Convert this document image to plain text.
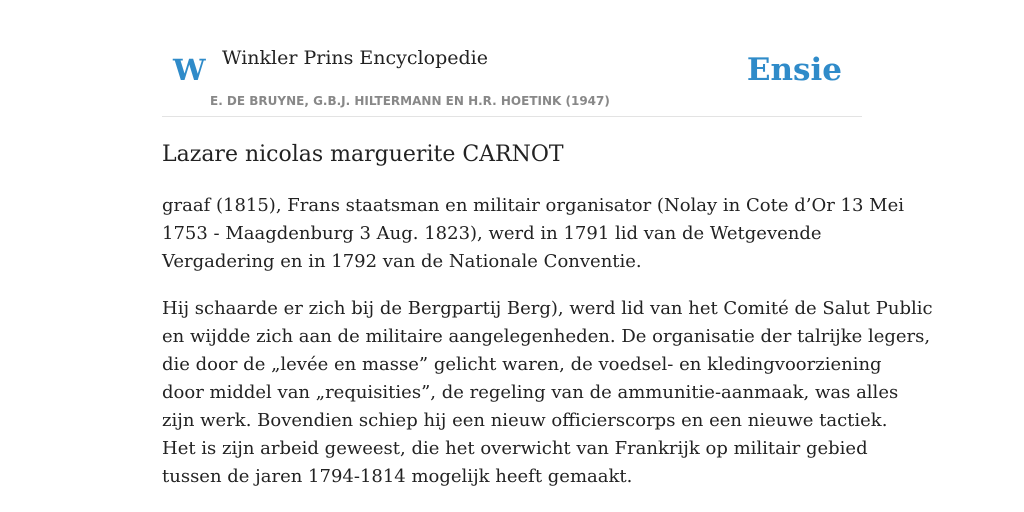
W Winkler Prins Encyclopedie
E. DE BRUYNE, G.B.J. HILTERMANN EN H.R. HOETINK (1947)
Ensie
Lazare nicolas marguerite CARNOT

graaf (1815), Frans staatsman en militair organisator (Nolay in Cote d’Or 13 Mei
1753 - Maagdenburg 3 Aug. 1823), werd in 1791 lid van de Wetgevende
Vergadering en in 1792 van de Nationale Conventie.

Hij schaarde er zich bij de Bergpartij Berg), werd lid van het Comité de Salut Public
en wijdde zich aan de militaire aangelegenheden. De organisatie der talrijke legers,
die door de „levée en masse” gelicht waren, de voedsel- en kledingvoorziening
door middel van „requisities”, de regeling van de ammunitie-aanmaak, was alles
zijn werk. Bovendien schiep hij een nieuw officierscorps en een nieuwe tactiek.
Het is zijn arbeid geweest, die het overwicht van Frankrijk op militair gebied
tussen de jaren 1794-1814 mogelijk heeft gemaakt.
